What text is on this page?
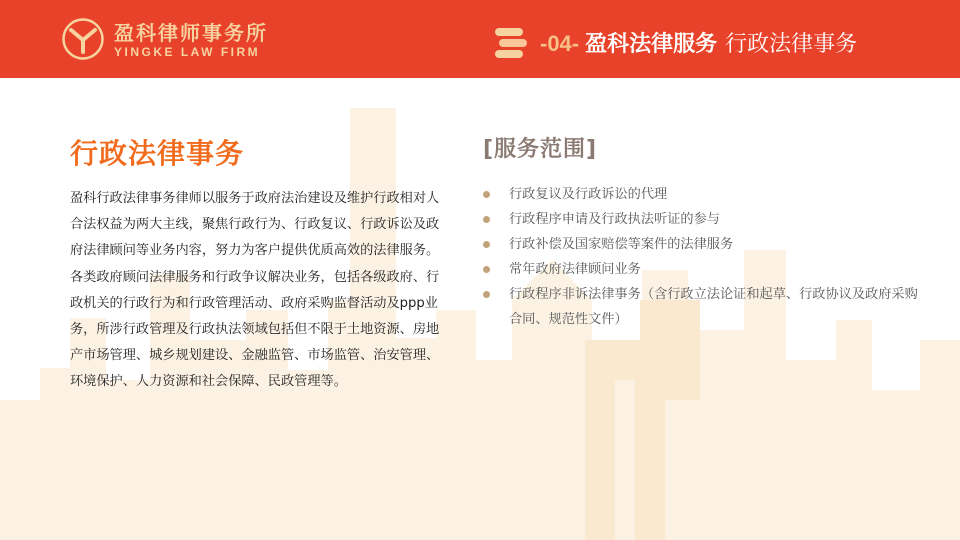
盈科律师事务所
YINGKE LAW FIRM	-04- 盈科法律服务 行政法律事务
行政法律事务

盈科行政法律事务律师以服务于政府法治建设及维护行政相对人合法权益为两大主线，聚焦行政行为、行政复议、行政诉讼及政府法律顾问等业务内容，努力为客户提供优质高效的法律服务。 各类政府顾问法律服务和行政争议解决业务，包括各级政府、行政机关的行政行为和行政管理活动、政府采购监督活动及ppp业务，所涉行政管理及行政执法领域包括但不限于土地资源、房地产市场管理、城乡规划建设、金融监管、市场监管、治安管理、环境保护、人力资源和社会保障、民政管理等。

[服务范围]
行政复议及行政诉讼的代理
行政程序申请及行政执法听证的参与
行政补偿及国家赔偿等案件的法律服务
常年政府法律顾问业务
行政程序非诉法律事务（含行政立法论证和起草、行政协议及政府采购合同、规范性文件）
